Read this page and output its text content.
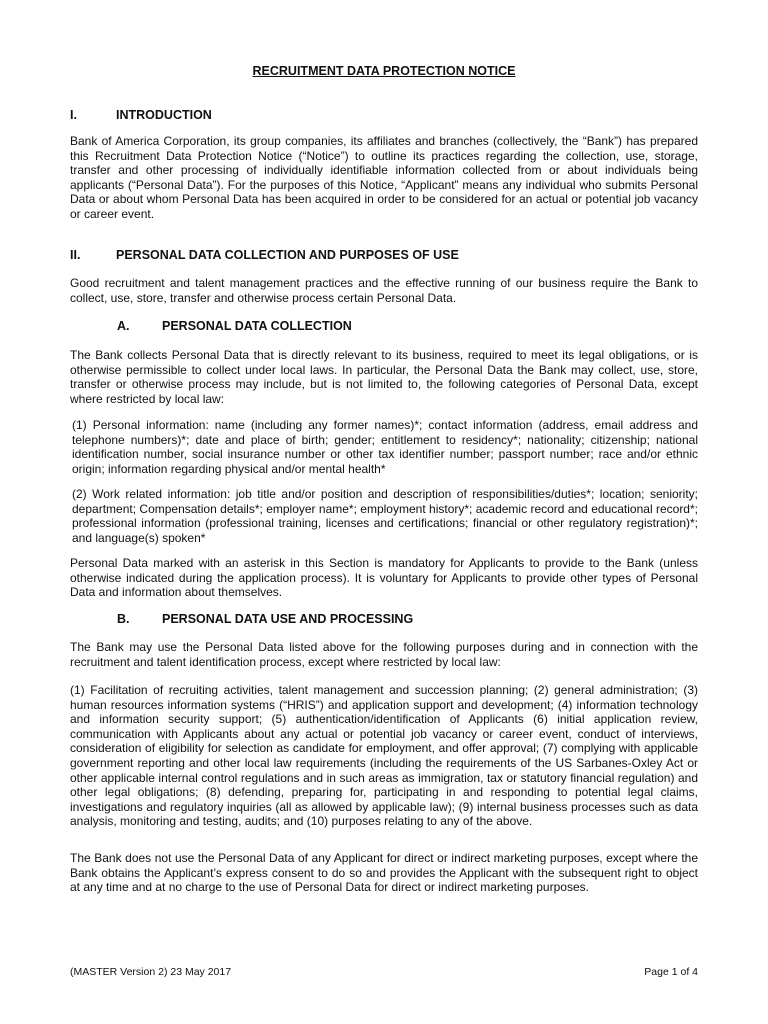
RECRUITMENT DATA PROTECTION NOTICE
I.	INTRODUCTION

Bank of America Corporation, its group companies, its affiliates and branches (collectively, the “Bank”) has prepared this Recruitment Data Protection Notice (“Notice”) to outline its practices regarding the collection, use, storage, transfer and other processing of individually identifiable information collected from or about individuals being applicants (“Personal Data”). For the purposes of this Notice, “Applicant” means any individual who submits Personal Data or about whom Personal Data has been acquired in order to be considered for an actual or potential job vacancy or career event.

II.	PERSONAL DATA COLLECTION AND PURPOSES OF USE

Good recruitment and talent management practices and the effective running of our business require the Bank to collect, use, store, transfer and otherwise process certain Personal Data.

A.	PERSONAL DATA COLLECTION

The Bank collects Personal Data that is directly relevant to its business, required to meet its legal obligations, or is otherwise permissible to collect under local laws. In particular, the Personal Data the Bank may collect, use, store, transfer or otherwise process may include, but is not limited to, the following categories of Personal Data, except where restricted by local law:

(1) Personal information: name (including any former names)*; contact information (address, email address and telephone numbers)*; date and place of birth; gender; entitlement to residency*; nationality; citizenship; national identification number, social insurance number or other tax identifier number; passport number; race and/or ethnic origin; information regarding physical and/or mental health*

(2) Work related information: job title and/or position and description of responsibilities/duties*; location; seniority; department; Compensation details*; employer name*; employment history*; academic record and educational record*; professional information (professional training, licenses and certifications; financial or other regulatory registration)*; and language(s) spoken*

Personal Data marked with an asterisk in this Section is mandatory for Applicants to provide to the Bank (unless otherwise indicated during the application process). It is voluntary for Applicants to provide other types of Personal Data and information about themselves.

B.	PERSONAL DATA USE AND PROCESSING

The Bank may use the Personal Data listed above for the following purposes during and in connection with the recruitment and talent identification process, except where restricted by local law:

(1) Facilitation of recruiting activities, talent management and succession planning; (2) general administration; (3) human resources information systems (“HRIS”) and application support and development; (4) information technology and information security support; (5) authentication/identification of Applicants (6) initial application review, communication with Applicants about any actual or potential job vacancy or career event, conduct of interviews, consideration of eligibility for selection as candidate for employment, and offer approval; (7) complying with applicable government reporting and other local law requirements (including the requirements of the US Sarbanes-Oxley Act or other applicable internal control regulations and in such areas as immigration, tax or statutory financial regulation) and other legal obligations; (8) defending, preparing for, participating in and responding to potential legal claims, investigations and regulatory inquiries (all as allowed by applicable law); (9) internal business processes such as data analysis, monitoring and testing, audits; and (10) purposes relating to any of the above.

The Bank does not use the Personal Data of any Applicant for direct or indirect marketing purposes, except where the Bank obtains the Applicant’s express consent to do so and provides the Applicant with the subsequent right to object at any time and at no charge to the use of Personal Data for direct or indirect marketing purposes.

(MASTER Version 2) 23 May 2017	Page 1 of 4
